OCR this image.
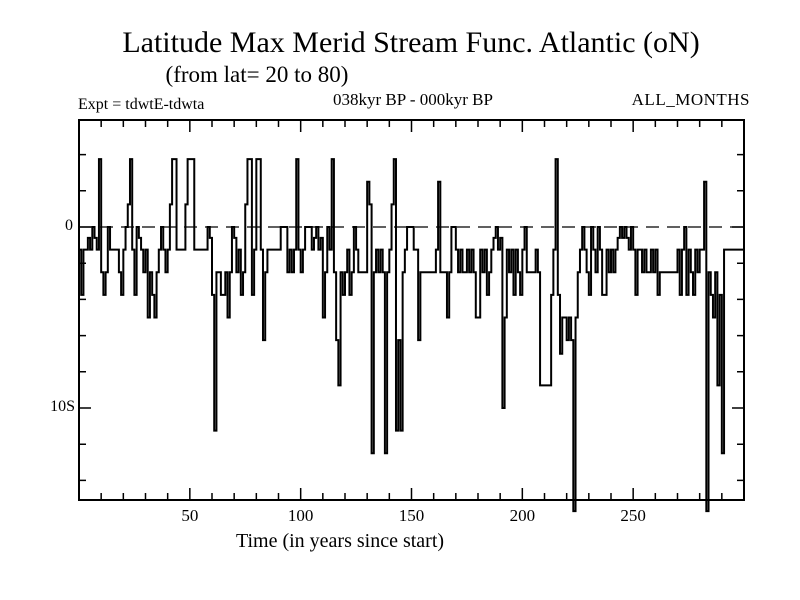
Latitude Max Merid Stream Func. Atlantic (oN)
(from lat= 20 to 80)
Expt = tdwtE-tdwta	038kyr BP - 000kyr BP	ALL_MONTHS
0
10S
Time (in years since start)
50	100	150	200	250
